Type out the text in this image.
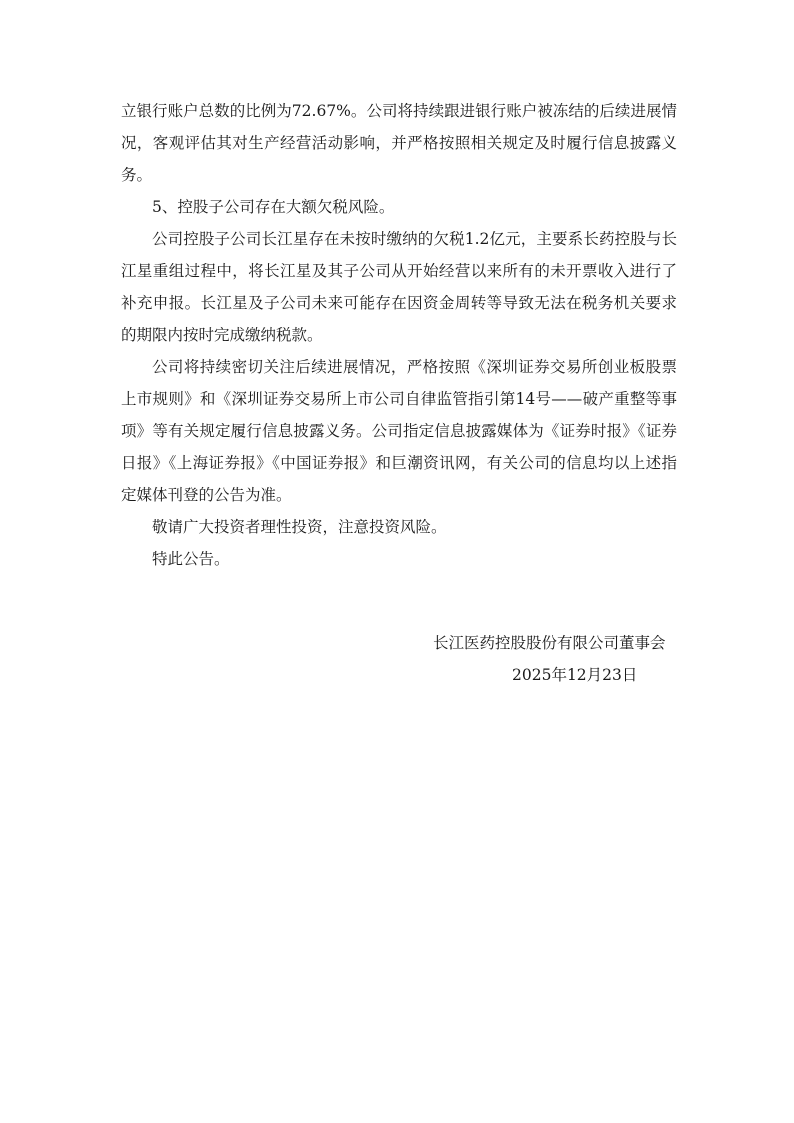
立银行账户总数的比例为72.67%。公司将持续跟进银行账户被冻结的后续进展情况，客观评估其对生产经营活动影响，并严格按照相关规定及时履行信息披露义务。

5、控股子公司存在大额欠税风险。

公司控股子公司长江星存在未按时缴纳的欠税1.2亿元，主要系长药控股与长江星重组过程中，将长江星及其子公司从开始经营以来所有的未开票收入进行了补充申报。长江星及子公司未来可能存在因资金周转等导致无法在税务机关要求的期限内按时完成缴纳税款。

公司将持续密切关注后续进展情况，严格按照《深圳证券交易所创业板股票上市规则》和《深圳证券交易所上市公司自律监管指引第14号——破产重整等事项》等有关规定履行信息披露义务。公司指定信息披露媒体为《证券时报》《证券日报》《上海证券报》《中国证券报》和巨潮资讯网，有关公司的信息均以上述指定媒体刊登的公告为准。

敬请广大投资者理性投资，注意投资风险。

特此公告。

长江医药控股股份有限公司董事会
2025年12月23日
